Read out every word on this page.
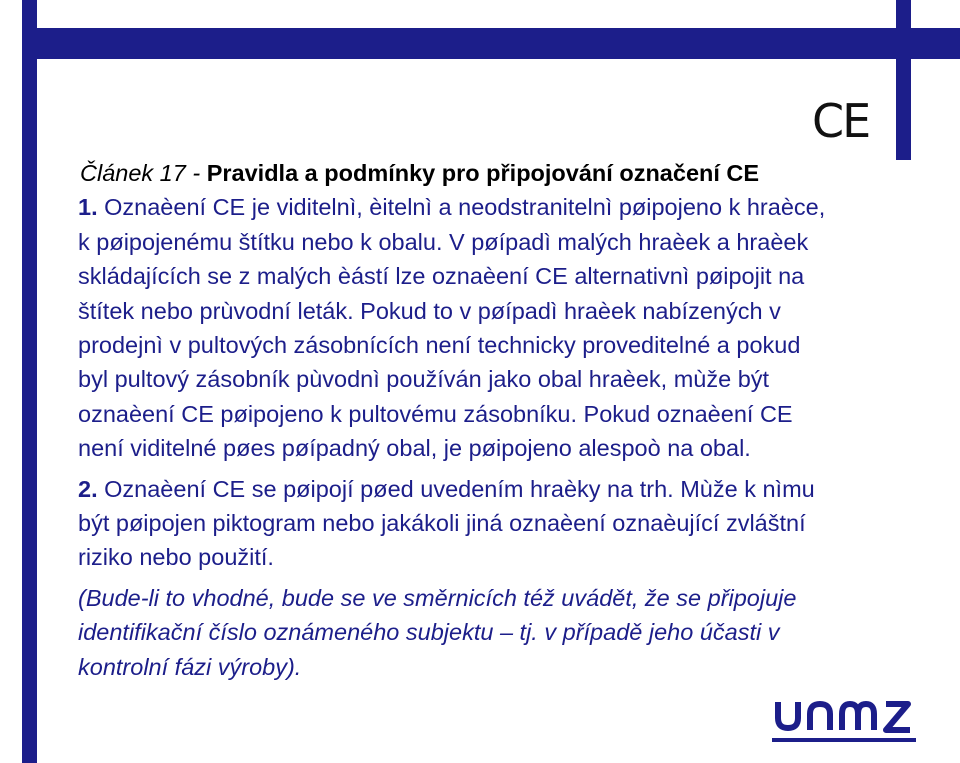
CE
Článek 17 - Pravidla a podmínky pro připojování označení CE
1. Oznaèení CE je viditelnì, èitelnì a neodstranitelnì pøipojeno k hraèce,
k pøipojenému štítku nebo k obalu. V pøípadì malých hraèek a hraèek
skládajících se z malých èástí lze oznaèení CE alternativnì pøipojit na
štítek nebo prùvodní leták. Pokud to v pøípadì hraèek nabízených v
prodejnì v pultových zásobnících není technicky proveditelné a pokud
byl pultový zásobník pùvodnì používán jako obal hraèek, mùže být
oznaèení CE pøipojeno k pultovému zásobníku. Pokud oznaèení CE
není viditelné pøes pøípadný obal, je pøipojeno alespoò na obal.
2. Oznaèení CE se pøipojí pøed uvedením hraèky na trh. Mùže k nìmu
být pøipojen piktogram nebo jakákoli jiná oznaèení oznaèující zvláštní
riziko nebo použití.
(Bude-li to vhodné, bude se ve směrnicích též uvádět, že se připojuje
identifikační číslo oznámeného subjektu – tj. v případě jeho účasti v
kontrolní fázi výroby).
